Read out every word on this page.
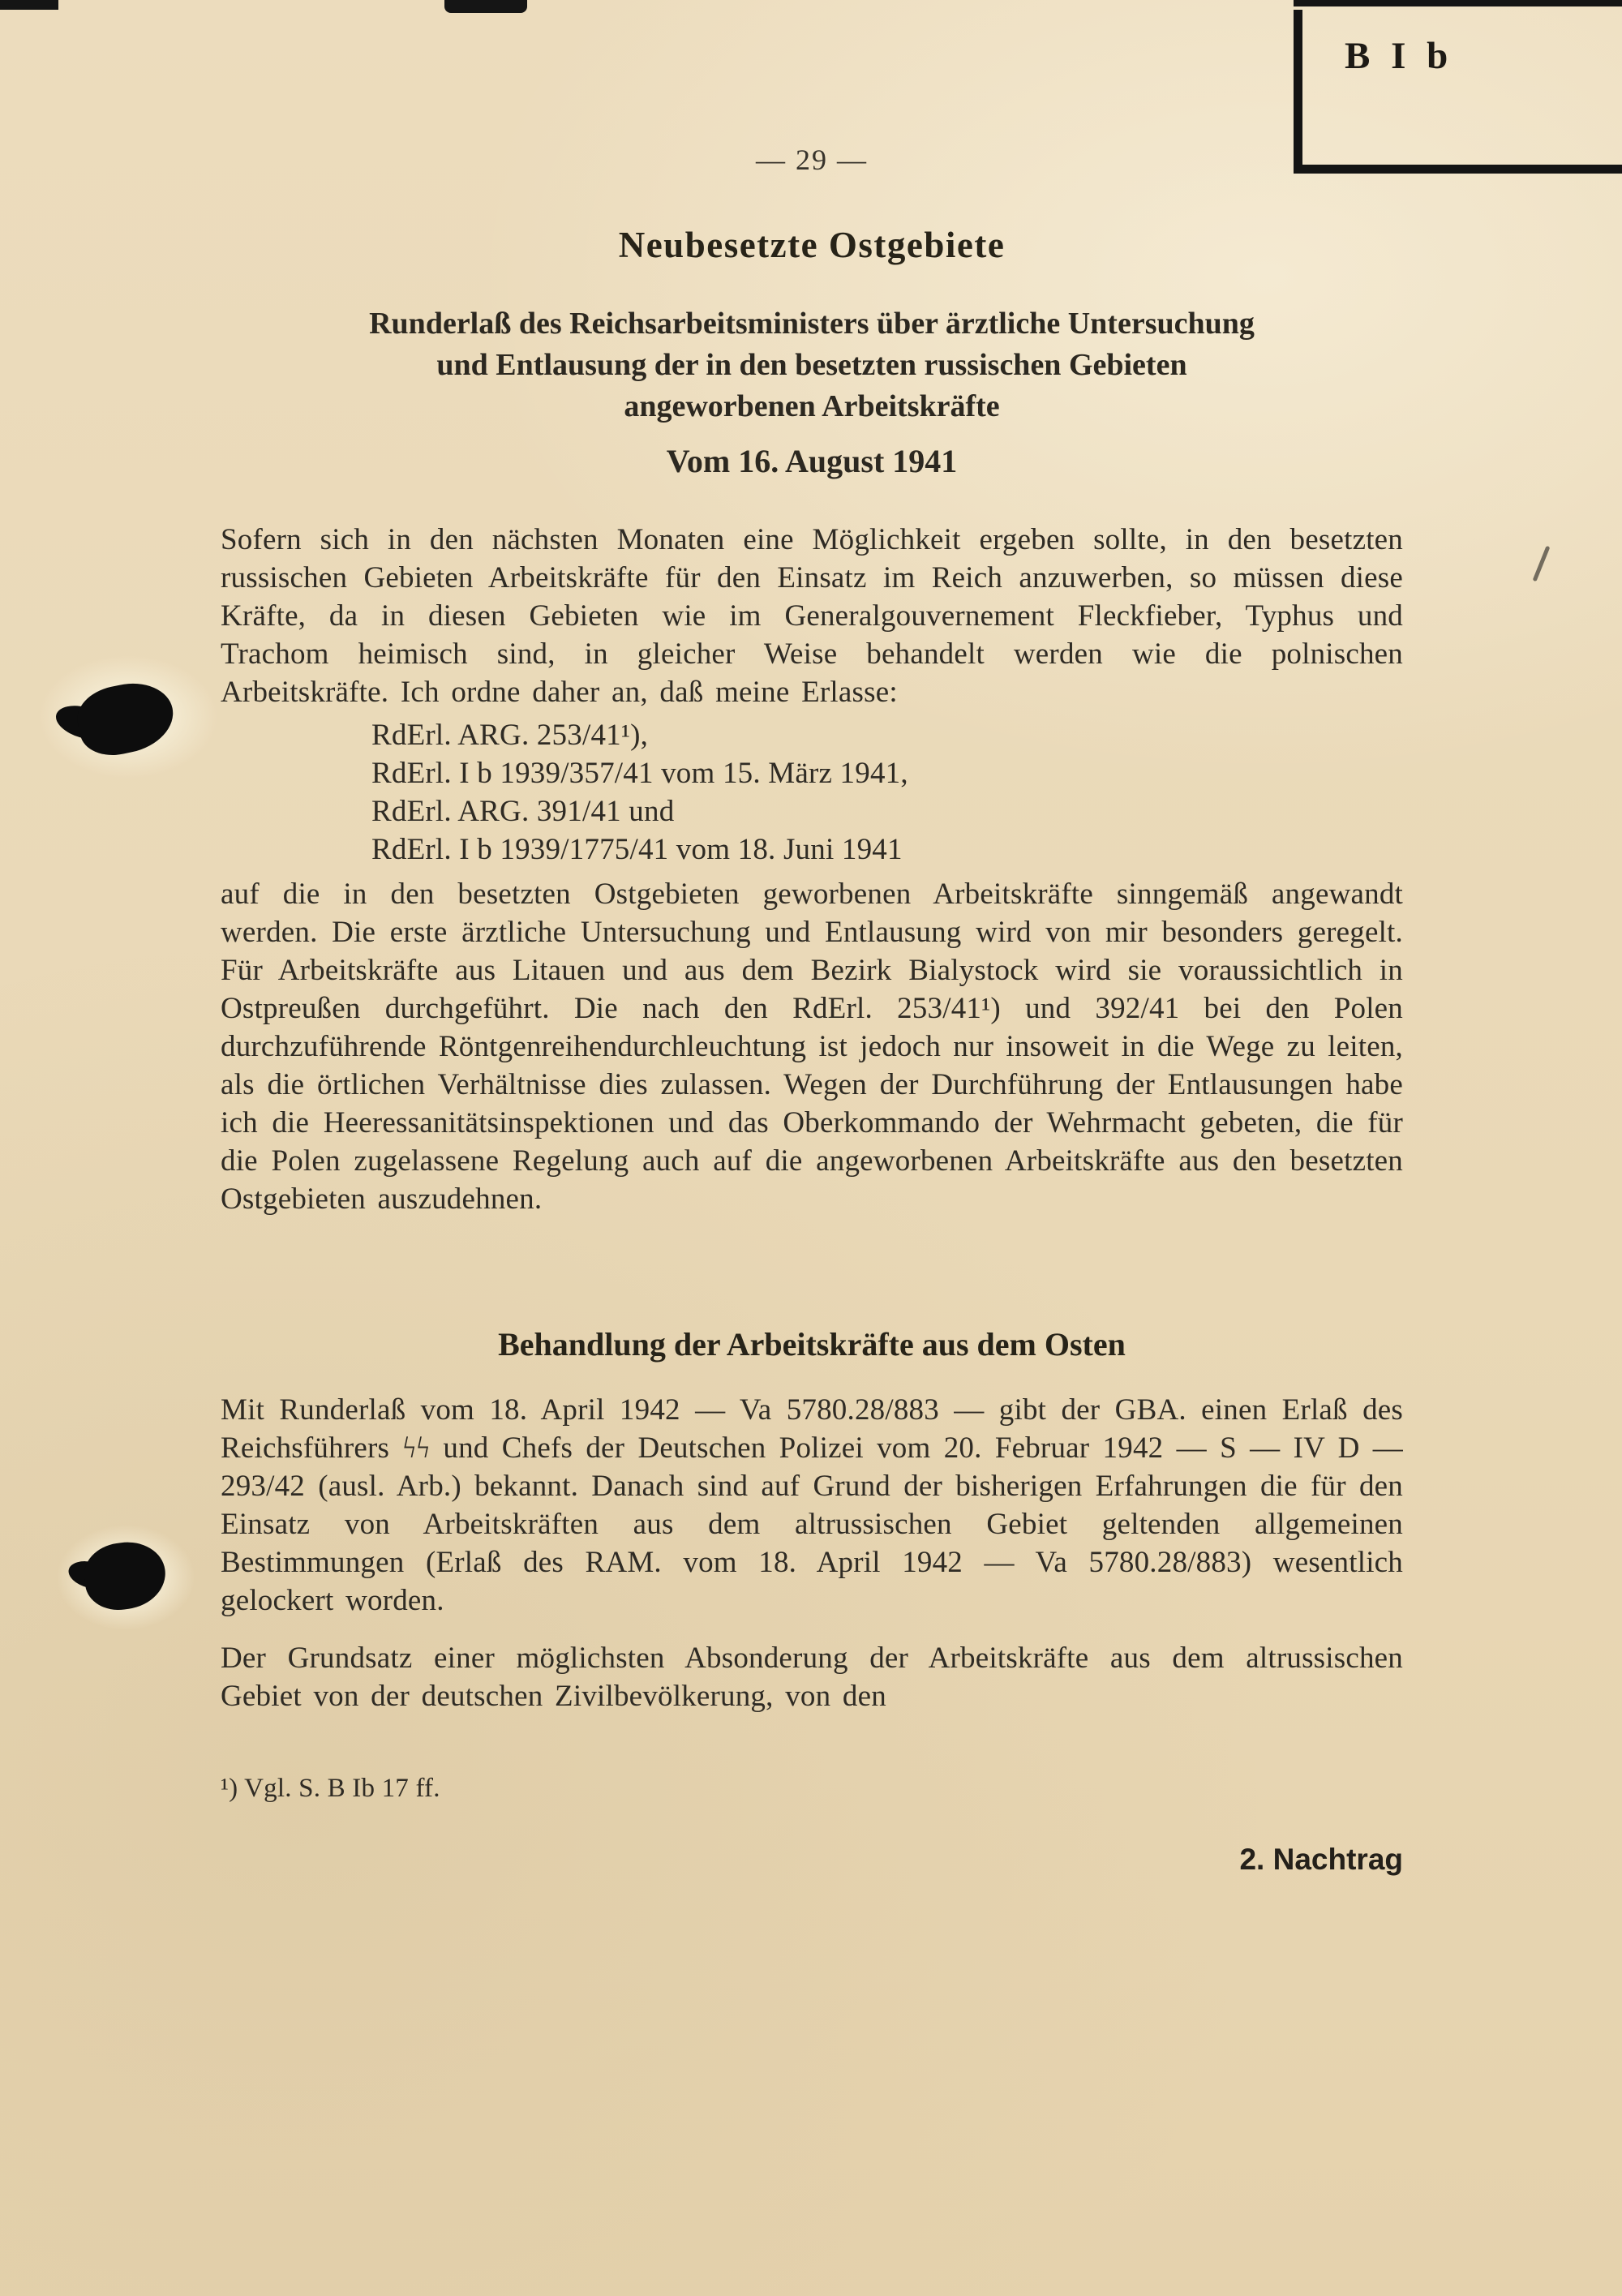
B I b
— 29 —
Neubesetzte Ostgebiete
Runderlaß des Reichsarbeitsministers über ärztliche Untersuchung
und Entlausung der in den besetzten russischen Gebieten
angeworbenen Arbeitskräfte
Vom 16. August 1941

Sofern sich in den nächsten Monaten eine Möglichkeit ergeben sollte, in den besetzten russischen Gebieten Arbeitskräfte für den Einsatz im Reich anzuwerben, so müssen diese Kräfte, da in diesen Gebieten wie im Generalgouvernement Fleckfieber, Typhus und Trachom heimisch sind, in gleicher Weise behandelt werden wie die polnischen Arbeitskräfte. Ich ordne daher an, daß meine Erlasse:

RdErl. ARG. 253/41¹),
RdErl. I b 1939/357/41 vom 15. März 1941,
RdErl. ARG. 391/41 und
RdErl. I b 1939/1775/41 vom 18. Juni 1941

auf die in den besetzten Ostgebieten geworbenen Arbeitskräfte sinngemäß angewandt werden. Die erste ärztliche Untersuchung und Entlausung wird von mir besonders geregelt. Für Arbeitskräfte aus Litauen und aus dem Bezirk Bialystock wird sie voraussichtlich in Ostpreußen durchgeführt. Die nach den RdErl. 253/41¹) und 392/41 bei den Polen durchzuführende Röntgenreihendurchleuchtung ist jedoch nur insoweit in die Wege zu leiten, als die örtlichen Verhältnisse dies zulassen. Wegen der Durchführung der Entlausungen habe ich die Heeressanitätsinspektionen und das Oberkommando der Wehrmacht gebeten, die für die Polen zugelassene Regelung auch auf die angeworbenen Arbeitskräfte aus den besetzten Ostgebieten auszudehnen.

Behandlung der Arbeitskräfte aus dem Osten

Mit Runderlaß vom 18. April 1942 — Va 5780.28/883 — gibt der GBA. einen Erlaß des Reichsführers ϟϟ und Chefs der Deutschen Polizei vom 20. Februar 1942 — S — IV D — 293/42 (ausl. Arb.) bekannt. Danach sind auf Grund der bisherigen Erfahrungen die für den Einsatz von Arbeitskräften aus dem altrussischen Gebiet geltenden allgemeinen Bestimmungen (Erlaß des RAM. vom 18. April 1942 — Va 5780.28/883) wesentlich gelockert worden.

Der Grundsatz einer möglichsten Absonderung der Arbeitskräfte aus dem altrussischen Gebiet von der deutschen Zivilbevölkerung, von den

¹) Vgl. S. B Ib 17 ff.
2. Nachtrag
